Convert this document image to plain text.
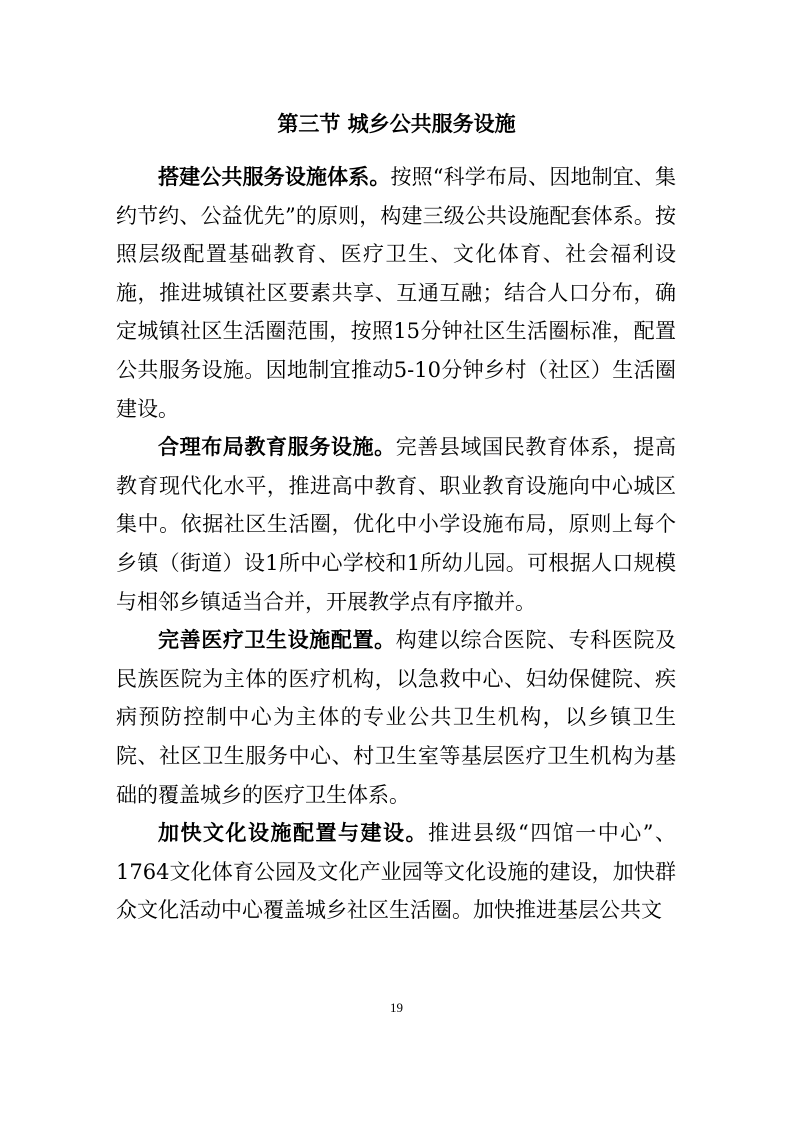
第三节 城乡公共服务设施

搭建公共服务设施体系。按照“科学布局、因地制宜、集约节约、公益优先”的原则，构建三级公共设施配套体系。按照层级配置基础教育、医疗卫生、文化体育、社会福利设施，推进城镇社区要素共享、互通互融；结合人口分布，确定城镇社区生活圈范围，按照15分钟社区生活圈标准，配置公共服务设施。因地制宜推动5-10分钟乡村（社区）生活圈建设。

合理布局教育服务设施。完善县域国民教育体系，提高教育现代化水平，推进高中教育、职业教育设施向中心城区集中。依据社区生活圈，优化中小学设施布局，原则上每个乡镇（街道）设1所中心学校和1所幼儿园。可根据人口规模与相邻乡镇适当合并，开展教学点有序撤并。

完善医疗卫生设施配置。构建以综合医院、专科医院及民族医院为主体的医疗机构，以急救中心、妇幼保健院、疾病预防控制中心为主体的专业公共卫生机构，以乡镇卫生院、社区卫生服务中心、村卫生室等基层医疗卫生机构为基础的覆盖城乡的医疗卫生体系。

加快文化设施配置与建设。推进县级“四馆一中心”、1764文化体育公园及文化产业园等文化设施的建设，加快群众文化活动中心覆盖城乡社区生活圈。加快推进基层公共文

19
